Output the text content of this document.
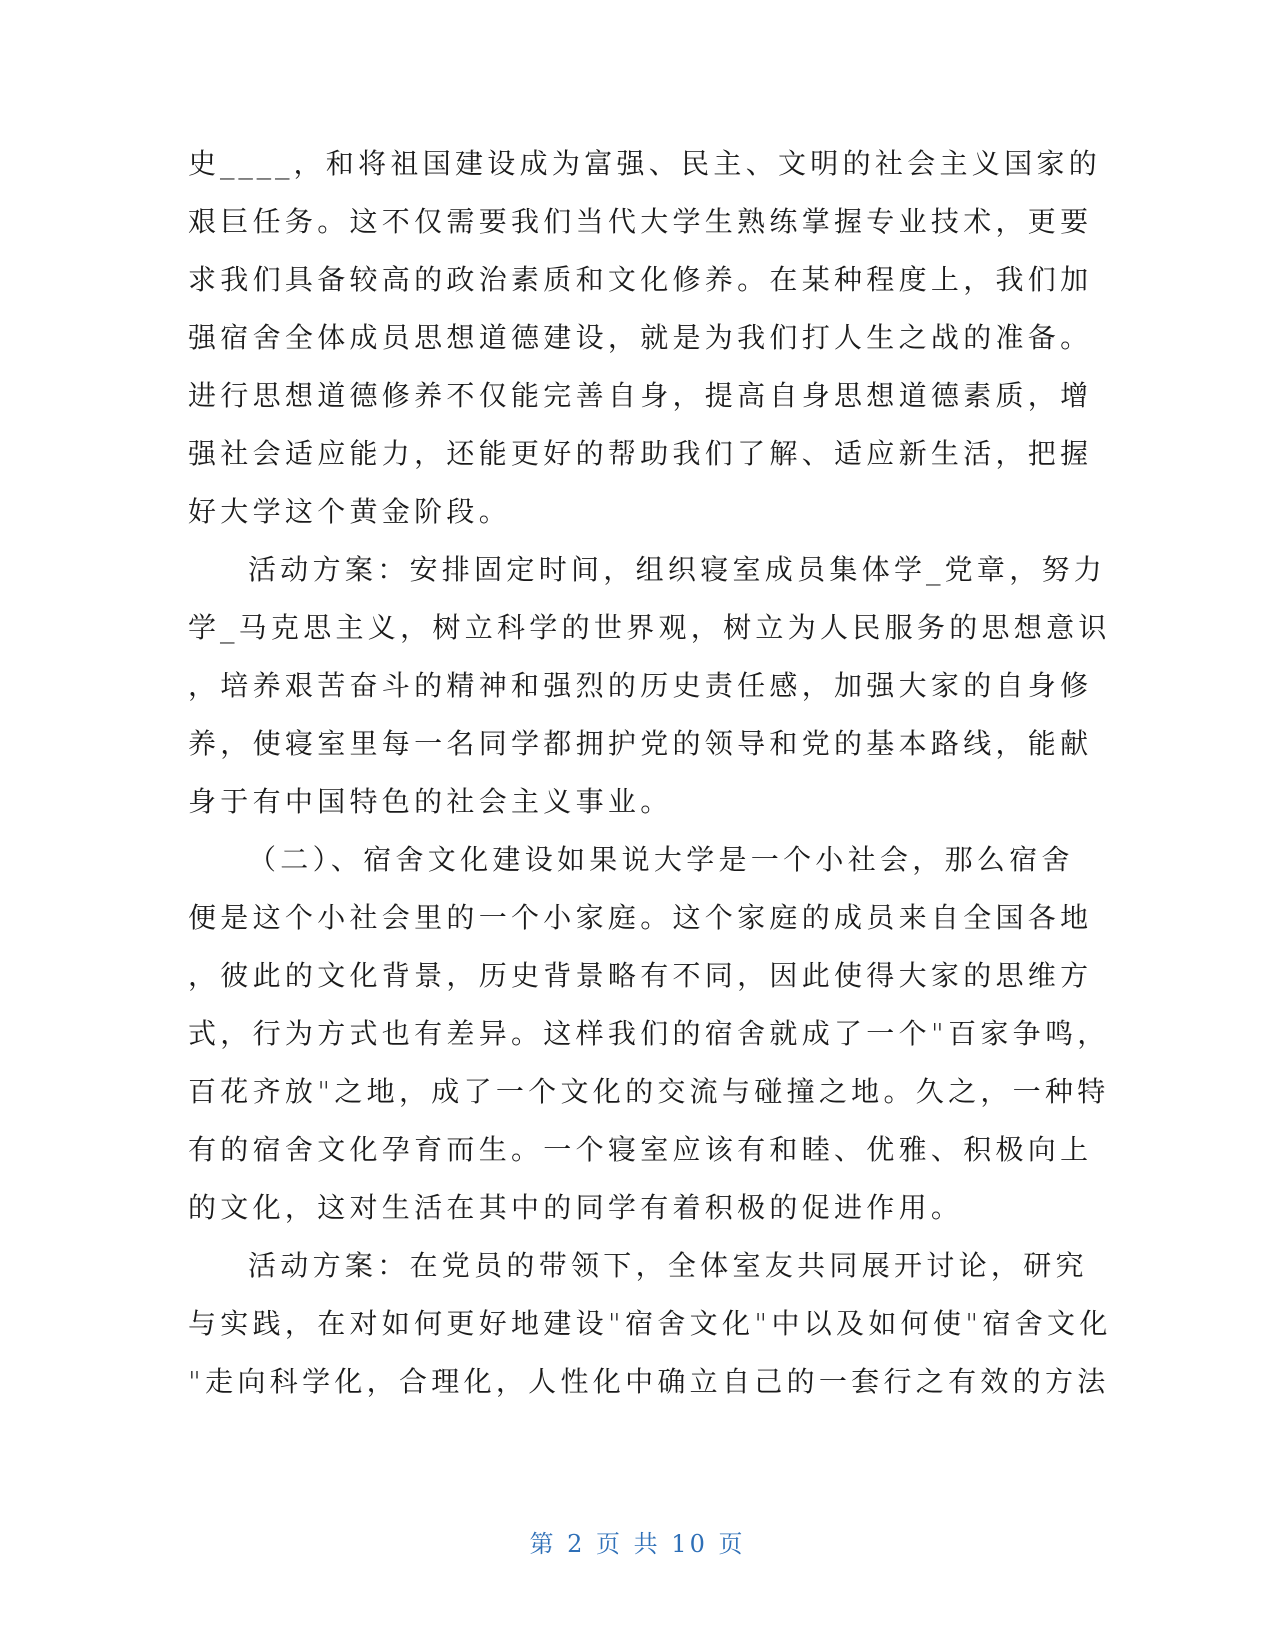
史____，和将祖国建设成为富强、民主、文明的社会主义国家的
艰巨任务。这不仅需要我们当代大学生熟练掌握专业技术，更要
求我们具备较高的政治素质和文化修养。在某种程度上，我们加
强宿舍全体成员思想道德建设，就是为我们打人生之战的准备。
进行思想道德修养不仅能完善自身，提高自身思想道德素质，增
强社会适应能力，还能更好的帮助我们了解、适应新生活，把握
好大学这个黄金阶段。
活动方案：安排固定时间，组织寝室成员集体学_党章，努力
学_马克思主义，树立科学的世界观，树立为人民服务的思想意识
，培养艰苦奋斗的精神和强烈的历史责任感，加强大家的自身修
养，使寝室里每一名同学都拥护党的领导和党的基本路线，能献
身于有中国特色的社会主义事业。
（二）、宿舍文化建设如果说大学是一个小社会，那么宿舍
便是这个小社会里的一个小家庭。这个家庭的成员来自全国各地
，彼此的文化背景，历史背景略有不同，因此使得大家的思维方
式，行为方式也有差异。这样我们的宿舍就成了一个"百家争鸣，
百花齐放"之地，成了一个文化的交流与碰撞之地。久之，一种特
有的宿舍文化孕育而生。一个寝室应该有和睦、优雅、积极向上
的文化，这对生活在其中的同学有着积极的促进作用。
活动方案：在党员的带领下，全体室友共同展开讨论，研究
与实践，在对如何更好地建设"宿舍文化"中以及如何使"宿舍文化
"走向科学化，合理化，人性化中确立自己的一套行之有效的方法
第 2 页 共 10 页
